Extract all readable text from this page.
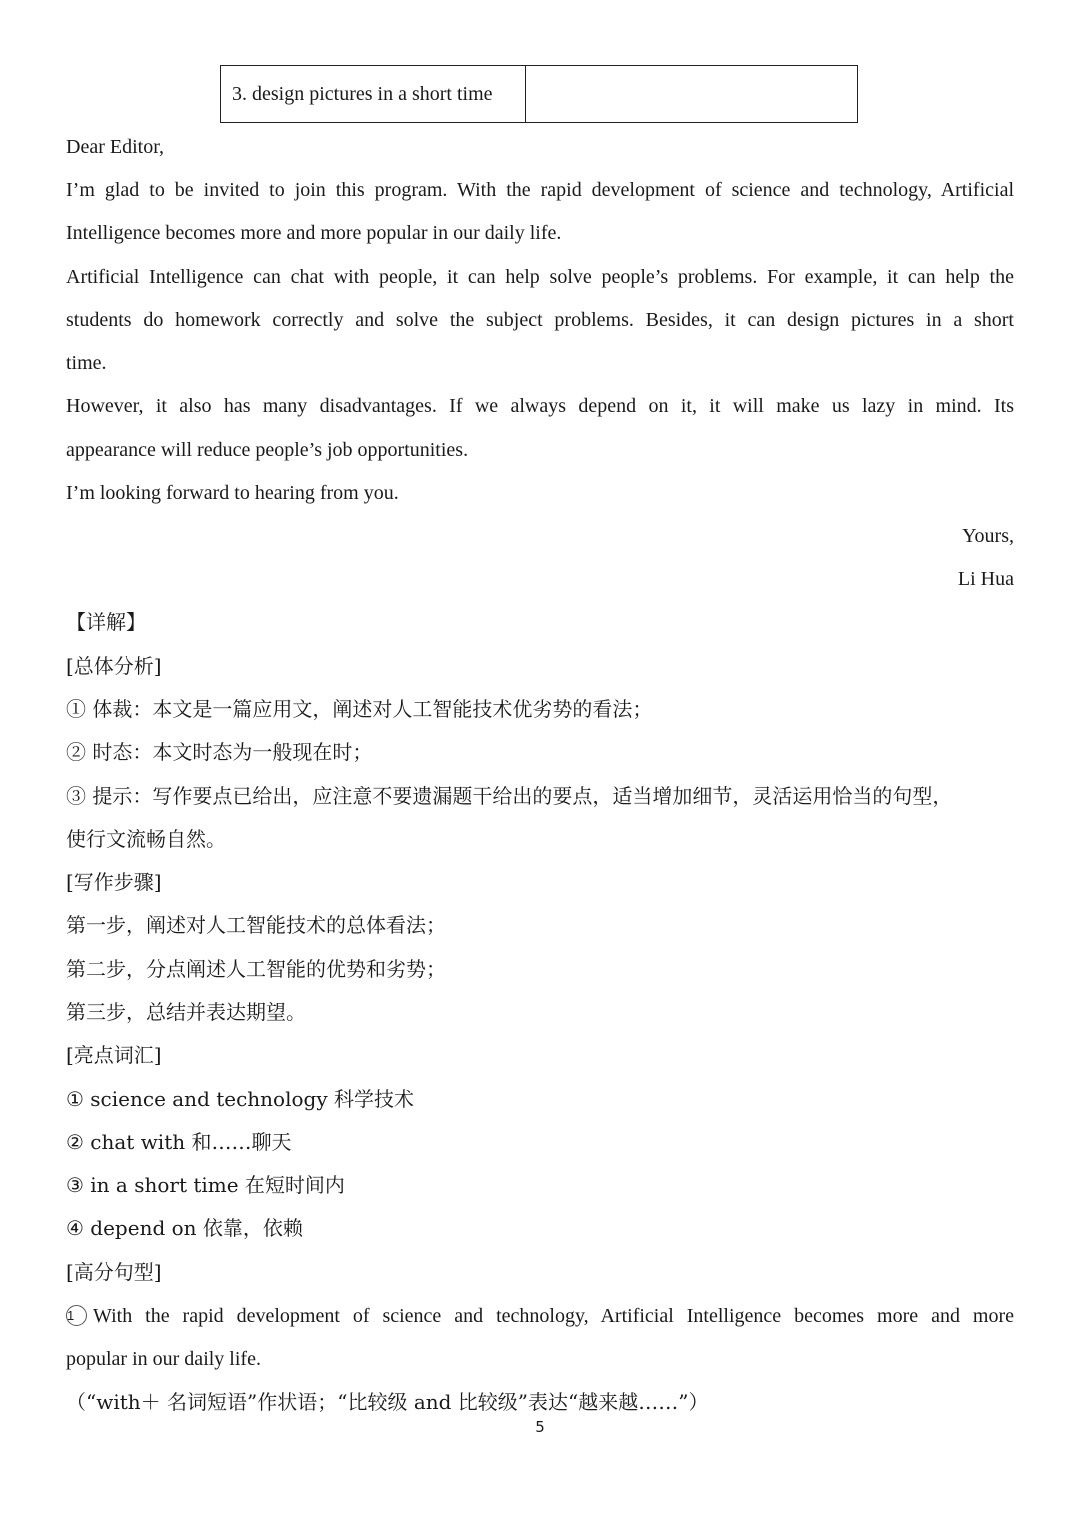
3. design pictures in a short time
Dear Editor,
I’m glad to be invited to join this program. With the rapid development of science and technology, Artificial
Intelligence becomes more and more popular in our daily life.
Artificial Intelligence can chat with people, it can help solve people’s problems. For example, it can help the
students do homework correctly and solve the subject problems. Besides, it can design pictures in a short
time.
However, it also has many disadvantages. If we always depend on it, it will make us lazy in mind. Its
appearance will reduce people’s job opportunities.
I’m looking forward to hearing from you.
Yours,
Li Hua
【详解】
[总体分析]
① 体裁：本文是一篇应用文，阐述对人工智能技术优劣势的看法；
② 时态：本文时态为一般现在时；
③ 提示：写作要点已给出，应注意不要遗漏题干给出的要点，适当增加细节，灵活运用恰当的句型，
使行文流畅自然。
[写作步骤]
第一步，阐述对人工智能技术的总体看法；
第二步，分点阐述人工智能的优势和劣势；
第三步，总结并表达期望。
[亮点词汇]
① science and technology 科学技术
② chat with 和……聊天
③ in a short time 在短时间内
④ depend on 依靠，依赖
[高分句型]
1 With the rapid development of science and technology, Artificial Intelligence becomes more and more
popular in our daily life.
（“with＋ 名词短语”作状语；“比较级 and 比较级”表达“越来越……”）
5
